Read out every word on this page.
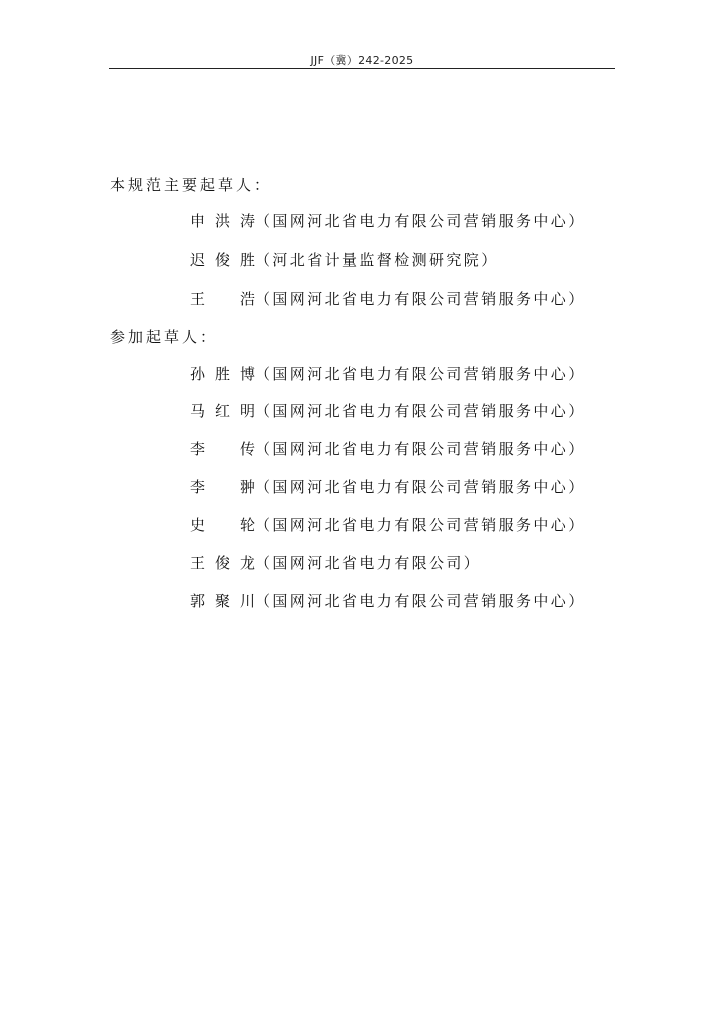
JJF（冀）242-2025
本规范主要起草人：
申洪涛 （国网河北省电力有限公司营销服务中心）
迟俊胜 （河北省计量监督检测研究院）
王　浩 （国网河北省电力有限公司营销服务中心）
参加起草人：
孙胜博 （国网河北省电力有限公司营销服务中心）
马红明 （国网河北省电力有限公司营销服务中心）
李　传 （国网河北省电力有限公司营销服务中心）
李　翀 （国网河北省电力有限公司营销服务中心）
史　轮 （国网河北省电力有限公司营销服务中心）
王俊龙 （国网河北省电力有限公司）
郭聚川 （国网河北省电力有限公司营销服务中心）
